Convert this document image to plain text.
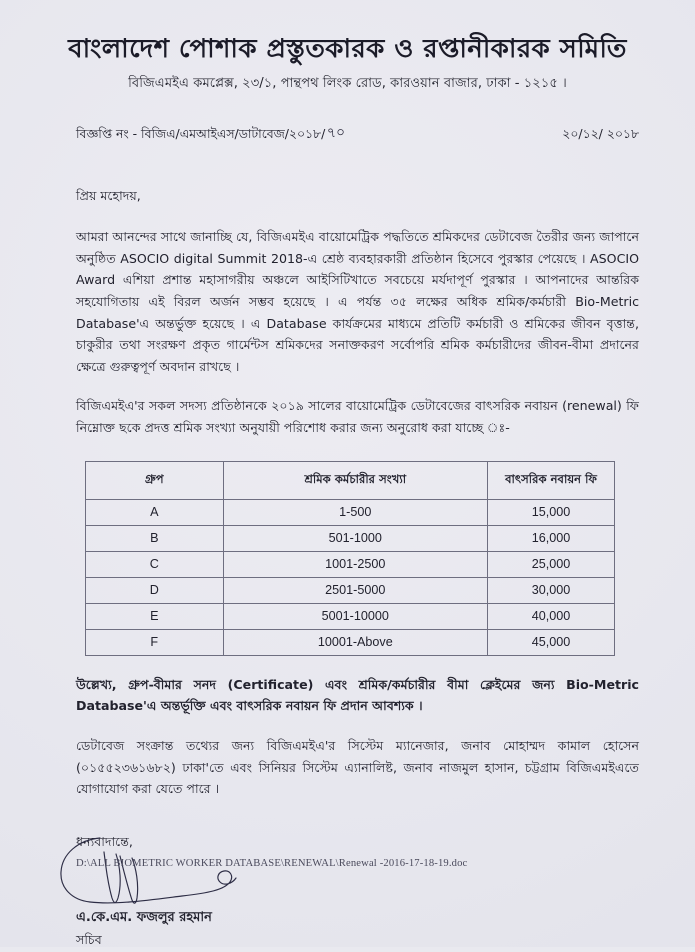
বাংলাদেশ পোশাক প্রস্তুতকারক ও রপ্তানীকারক সমিতি
বিজিএমইএ কমপ্লেক্স, ২৩/১, পান্থপথ লিংক রোড, কারওয়ান বাজার, ঢাকা - ১২১৫ ।
বিজ্ঞপ্তি নং - বিজিএ/এমআইএস/ডাটাবেজ/২০১৮/ ৭০	২০/১২/ ২০১৮
প্রিয় মহোদয়,

আমরা আনন্দের সাথে জানাচ্ছি যে, বিজিএমইএ বায়োমেট্রিক পদ্ধতিতে শ্রমিকদের ডেটাবেজ তৈরীর জন্য জাপানে অনুষ্ঠিত ASOCIO digital Summit 2018-এ শ্রেষ্ঠ ব্যবহারকারী প্রতিষ্ঠান হিসেবে পুরস্কার পেয়েছে । ASOCIO Award এশিয়া প্রশান্ত মহাসাগরীয় অঞ্চলে আইসিটিখাতে সবচেয়ে মর্যদাপূর্ণ পুরস্কার । আপনাদের আন্তরিক সহযোগিতায় এই বিরল অর্জন সম্ভব হয়েছে । এ পর্যন্ত ৩৫ লক্ষের অধিক শ্রমিক/কর্মচারী Bio-Metric Database'এ অন্তর্ভুক্ত হয়েছে । এ Database কার্যক্রমের মাধ্যমে প্রতিটি কর্মচারী ও শ্রমিকের জীবন বৃত্তান্ত, চাকুরীর তথা সংরক্ষণ প্রকৃত গার্মেন্টস শ্রমিকদের সনাক্তকরণ সর্বোপরি শ্রমিক কর্মচারীদের জীবন-বীমা প্রদানের ক্ষেত্রে গুরুত্বপূর্ণ অবদান রাখছে ।

বিজিএমইএ'র সকল সদস্য প্রতিষ্ঠানকে ২০১৯ সালের বায়োমেট্রিক ডেটাবেজের বাৎসরিক নবায়ন (renewal) ফি নিম্নোক্ত ছকে প্রদত্ত শ্রমিক সংখ্যা অনুযায়ী পরিশোধ করার জন্য অনুরোধ করা যাচ্ছে ঃ-

গ্রুপ	শ্রমিক কর্মচারীর সংখ্যা	বাৎসরিক নবায়ন ফি
A	1-500	15,000
B	501-1000	16,000
C	1001-2500	25,000
D	2501-5000	30,000
E	5001-10000	40,000
F	10001-Above	45,000

উল্লেখ্য, গ্রুপ-বীমার সনদ (Certificate) এবং শ্রমিক/কর্মচারীর বীমা ক্লেইমের জন্য Bio-Metric Database'এ অন্তর্ভূক্তি এবং বাৎসরিক নবায়ন ফি প্রদান আবশ্যক ।

ডেটাবেজ সংক্রান্ত তথ্যের জন্য বিজিএমইএ'র সিস্টেম ম্যানেজার, জনাব মোহাম্মদ কামাল হোসেন (০১৫৫২৩৬১৬৮২) ঢাকা'তে এবং সিনিয়র সিস্টেম এ্যানালিষ্ট, জনাব নাজমুল হাসান, চট্টগ্রাম বিজিএমইএতে যোগাযোগ করা যেতে পারে ।

ধন্যবাদান্তে,
এ.কে.এম. ফজলুর রহমান
সচিব
D:\ALL BIOMETRIC WORKER DATABASE\RENEWAL\Renewal -2016-17-18-19.doc
